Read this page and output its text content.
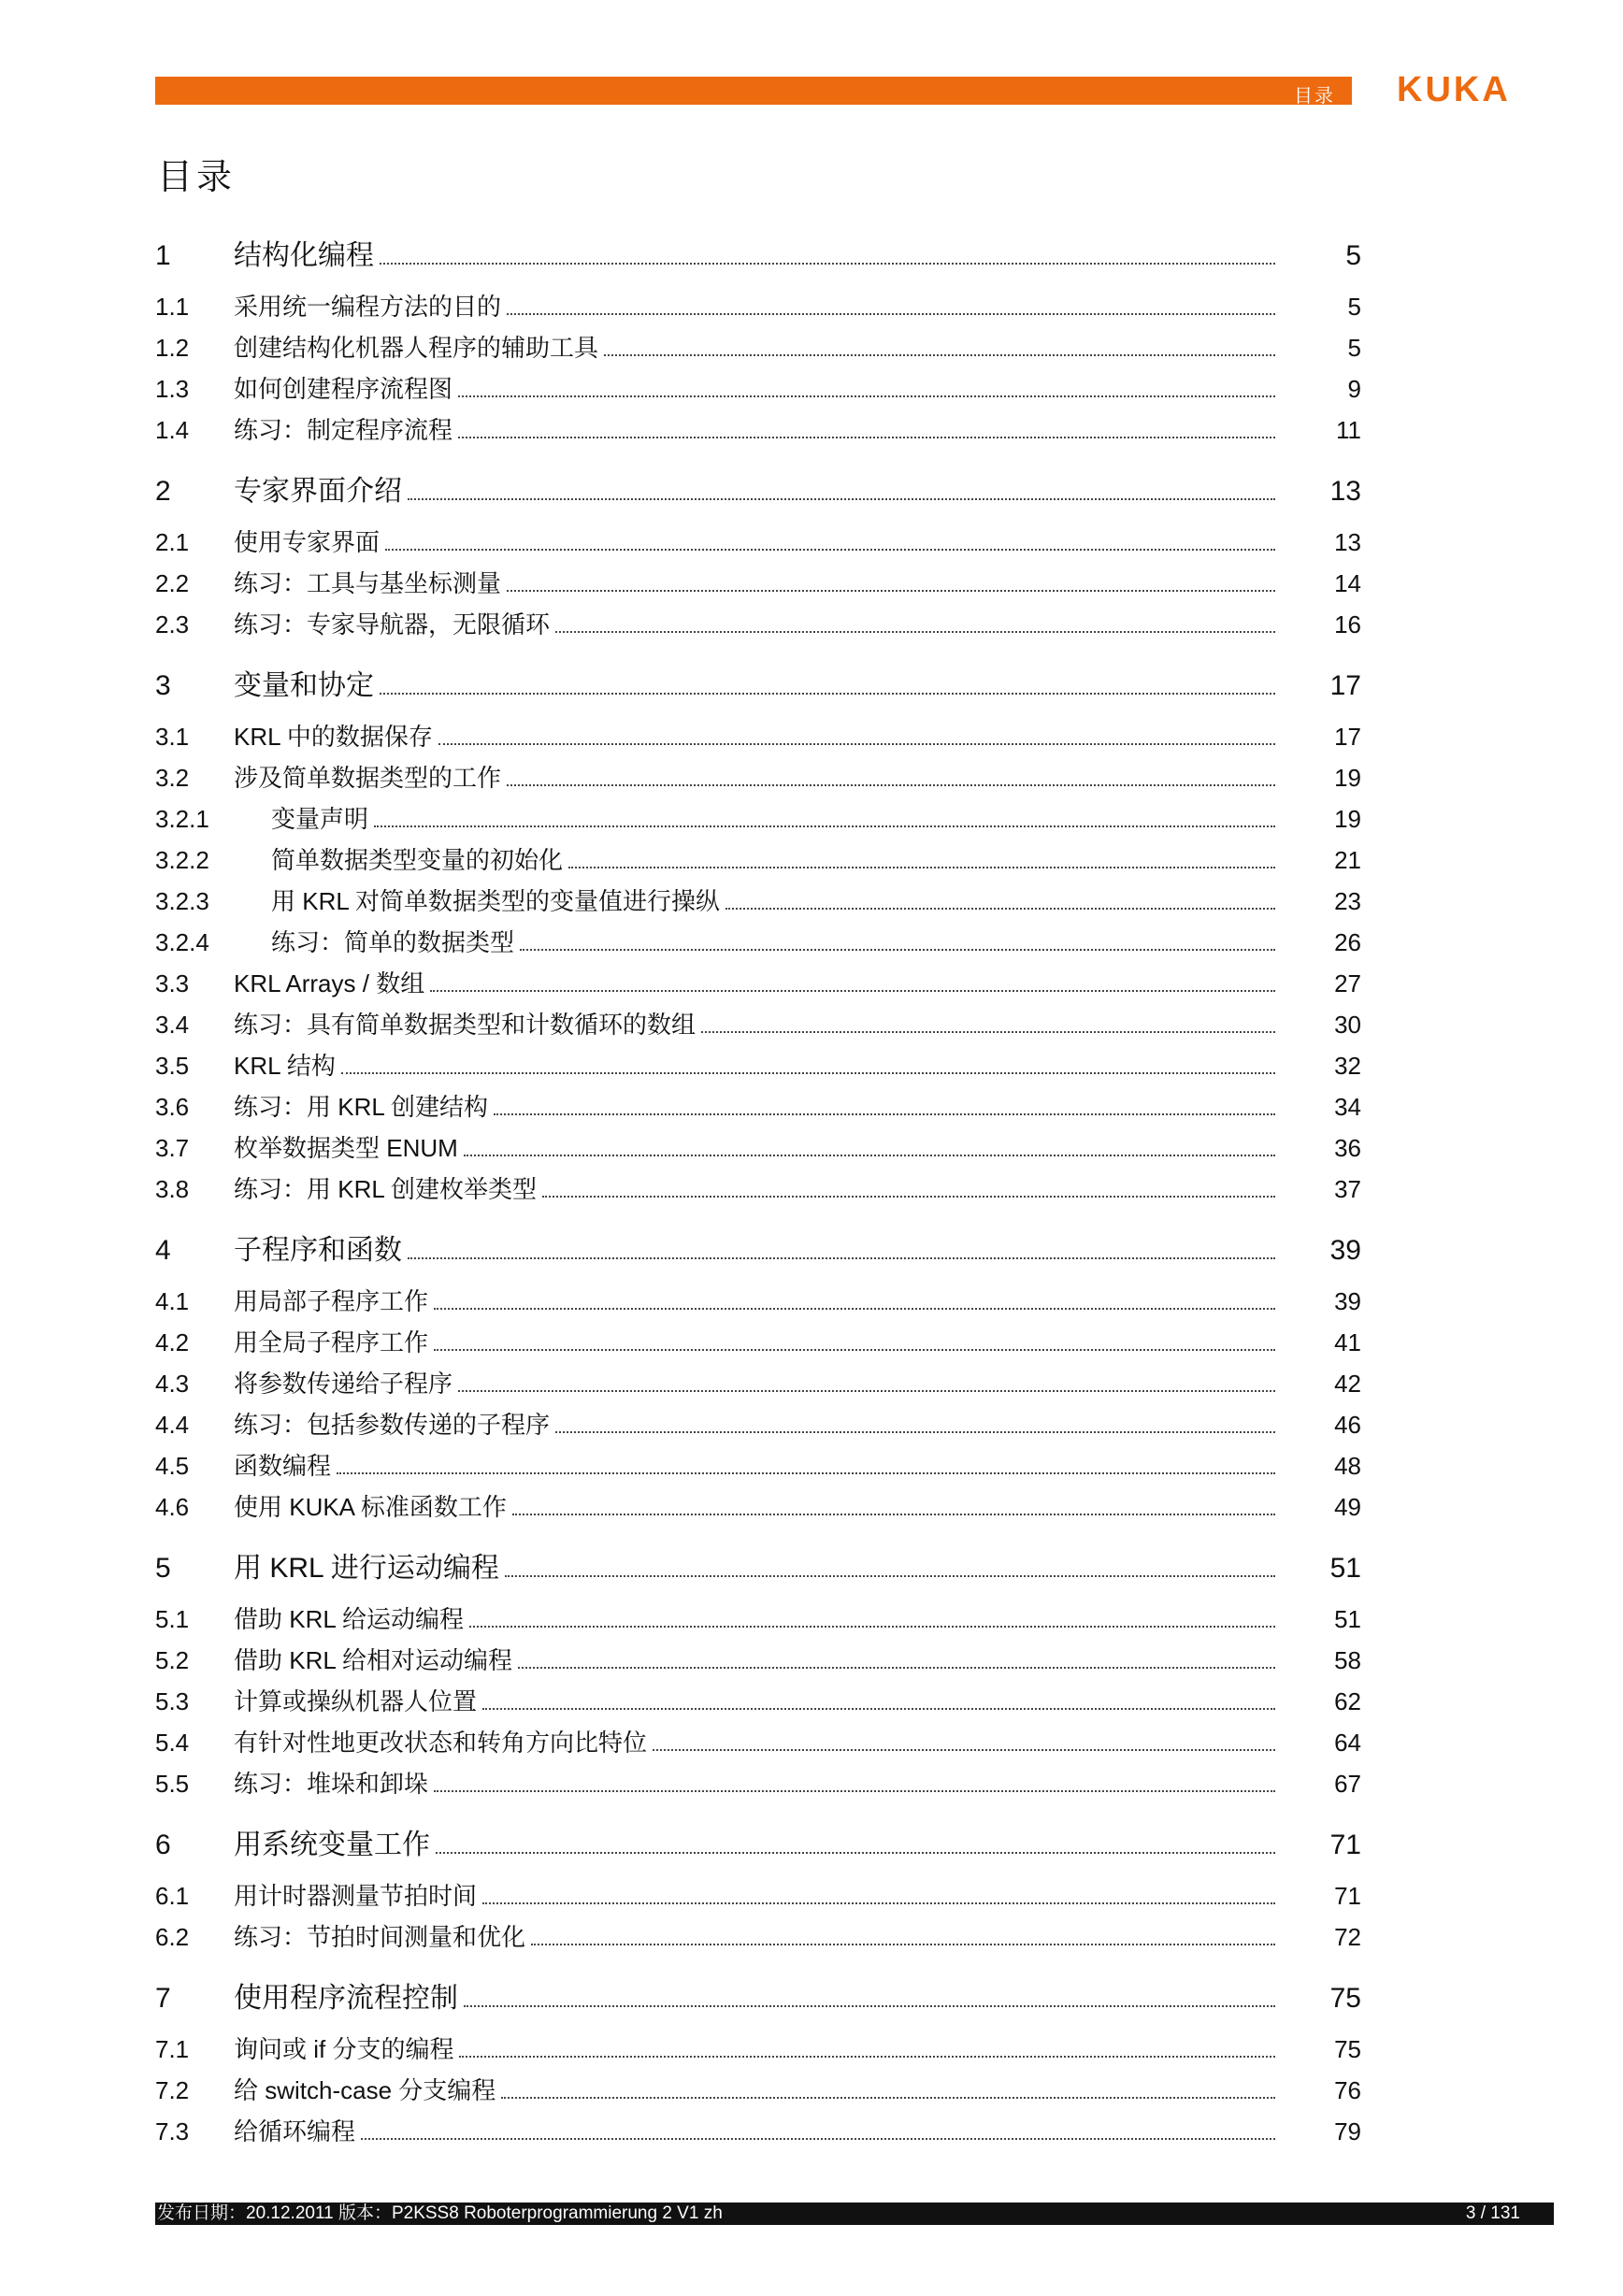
目录 KUKA
目录
1	结构化编程	5
1.1	采用统一编程方法的目的	5
1.2	创建结构化机器人程序的辅助工具	5
1.3	如何创建程序流程图	9
1.4	练习：制定程序流程	11
2	专家界面介绍	13
2.1	使用专家界面	13
2.2	练习：工具与基坐标测量	14
2.3	练习：专家导航器，无限循环	16
3	变量和协定	17
3.1	KRL 中的数据保存	17
3.2	涉及简单数据类型的工作	19
3.2.1	变量声明	19
3.2.2	简单数据类型变量的初始化	21
3.2.3	用 KRL 对简单数据类型的变量值进行操纵	23
3.2.4	练习：简单的数据类型	26
3.3	KRL Arrays / 数组	27
3.4	练习：具有简单数据类型和计数循环的数组	30
3.5	KRL 结构	32
3.6	练习：用 KRL 创建结构	34
3.7	枚举数据类型 ENUM	36
3.8	练习：用 KRL 创建枚举类型	37
4	子程序和函数	39
4.1	用局部子程序工作	39
4.2	用全局子程序工作	41
4.3	将参数传递给子程序	42
4.4	练习：包括参数传递的子程序	46
4.5	函数编程	48
4.6	使用 KUKA 标准函数工作	49
5	用 KRL 进行运动编程	51
5.1	借助 KRL 给运动编程	51
5.2	借助 KRL 给相对运动编程	58
5.3	计算或操纵机器人位置	62
5.4	有针对性地更改状态和转角方向比特位	64
5.5	练习：堆垛和卸垛	67
6	用系统变量工作	71
6.1	用计时器测量节拍时间	71
6.2	练习：节拍时间测量和优化	72
7	使用程序流程控制	75
7.1	询问或 if 分支的编程	75
7.2	给 switch-case 分支编程	76
7.3	给循环编程	79
发布日期：20.12.2011 版本：P2KSS8 Roboterprogrammierung 2 V1 zh	3 / 131
